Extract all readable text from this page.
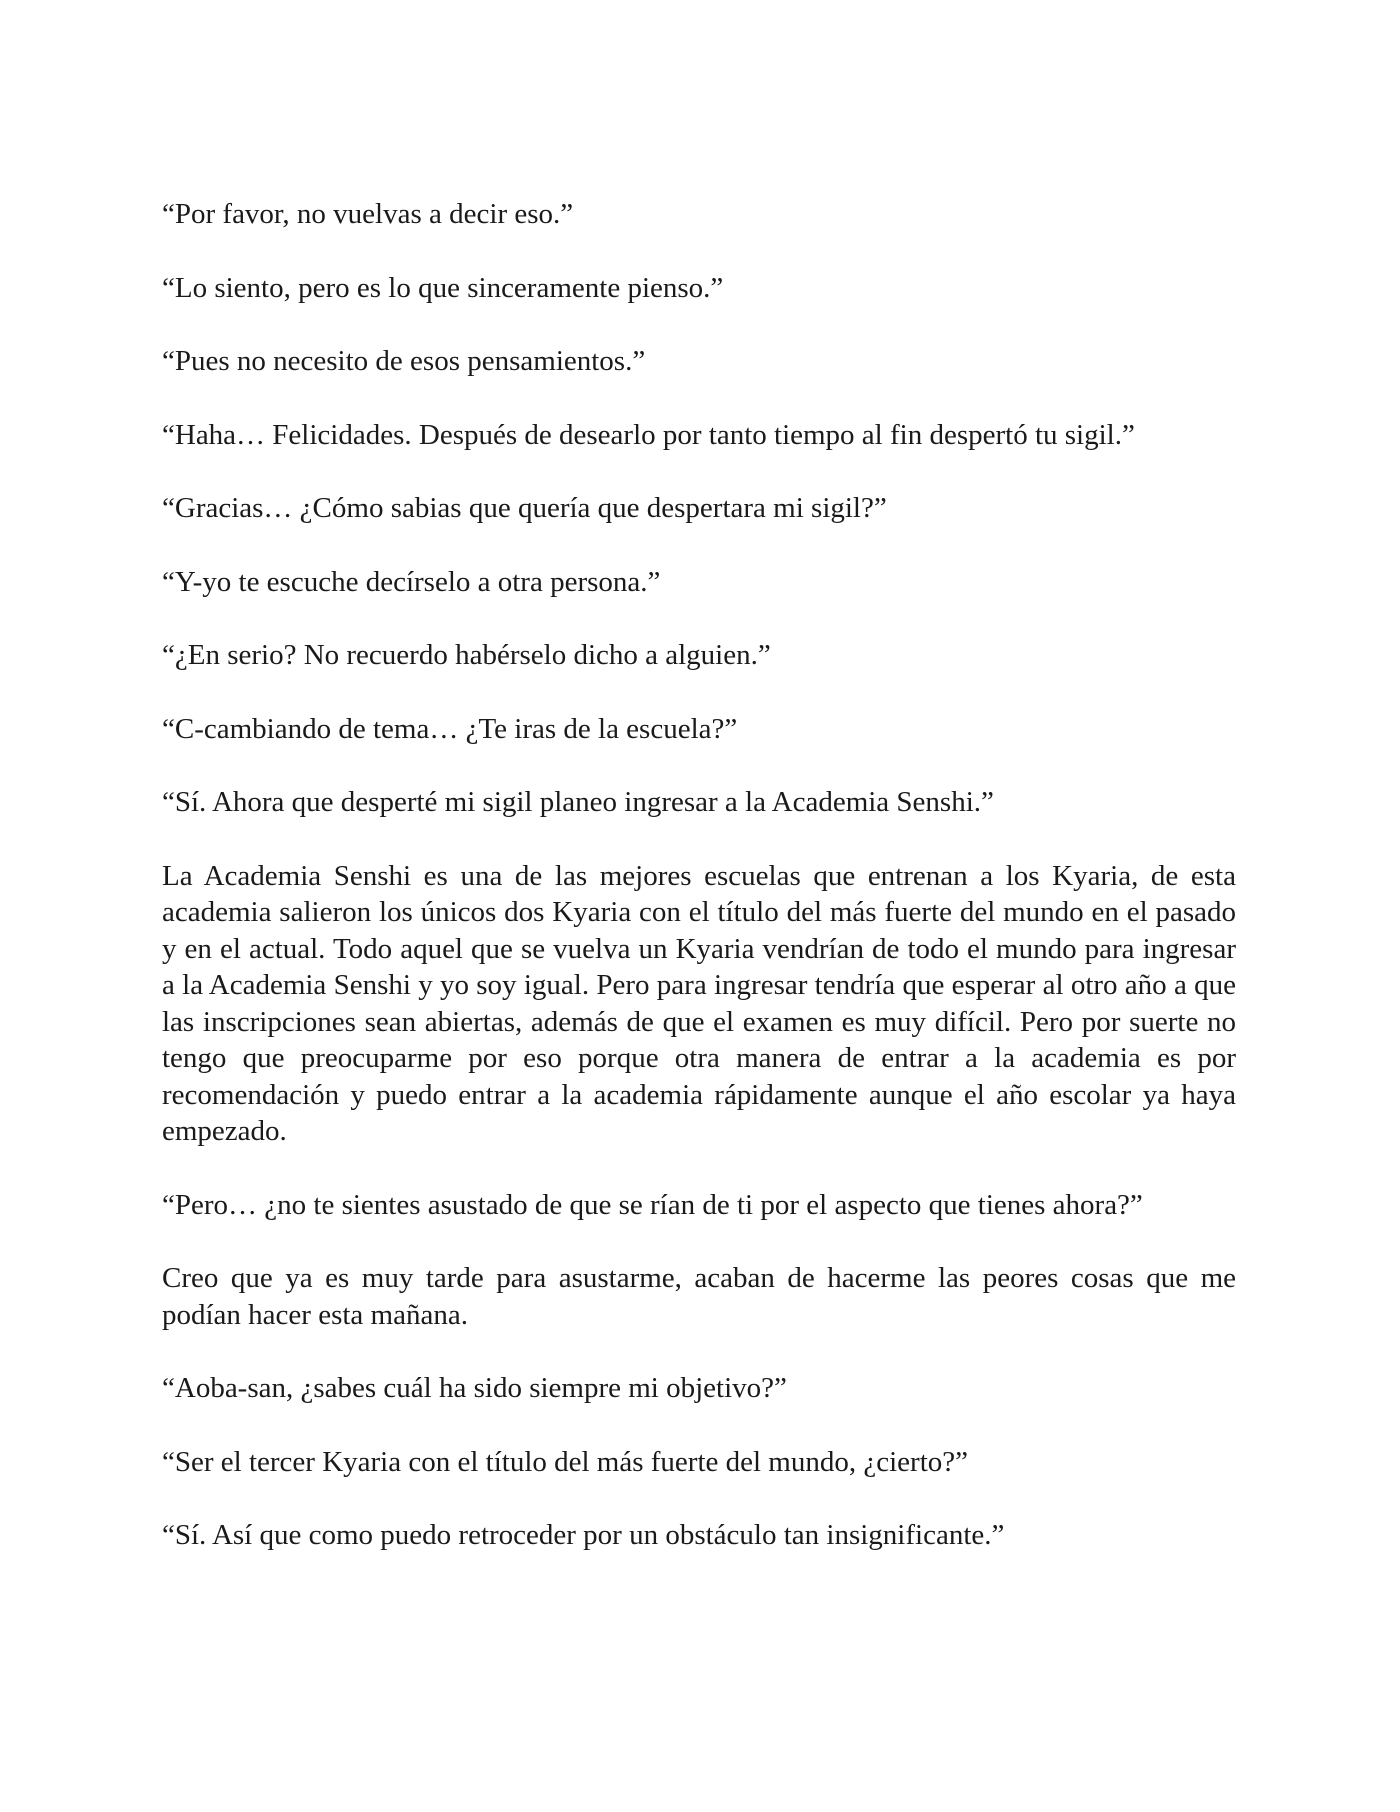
“Por favor, no vuelvas a decir eso.”

“Lo siento, pero es lo que sinceramente pienso.”

“Pues no necesito de esos pensamientos.”

“Haha… Felicidades. Después de desearlo por tanto tiempo al fin despertó tu sigil.”

“Gracias… ¿Cómo sabias que quería que despertara mi sigil?”

“Y-yo te escuche decírselo a otra persona.”

“¿En serio? No recuerdo habérselo dicho a alguien.”

“C-cambiando de tema… ¿Te iras de la escuela?”

“Sí. Ahora que desperté mi sigil planeo ingresar a la Academia Senshi.”

La Academia Senshi es una de las mejores escuelas que entrenan a los Kyaria, de esta academia salieron los únicos dos Kyaria con el título del más fuerte del mundo en el pasado y en el actual. Todo aquel que se vuelva un Kyaria vendrían de todo el mundo para ingresar a la Academia Senshi y yo soy igual. Pero para ingresar tendría que esperar al otro año a que las inscripciones sean abiertas, además de que el examen es muy difícil. Pero por suerte no tengo que preocuparme por eso porque otra manera de entrar a la academia es por recomendación y puedo entrar a la academia rápidamente aunque el año escolar ya haya empezado.

“Pero… ¿no te sientes asustado de que se rían de ti por el aspecto que tienes ahora?”

Creo que ya es muy tarde para asustarme, acaban de hacerme las peores cosas que me podían hacer esta mañana.

“Aoba-san, ¿sabes cuál ha sido siempre mi objetivo?”

“Ser el tercer Kyaria con el título del más fuerte del mundo, ¿cierto?”

“Sí. Así que como puedo retroceder por un obstáculo tan insignificante.”
